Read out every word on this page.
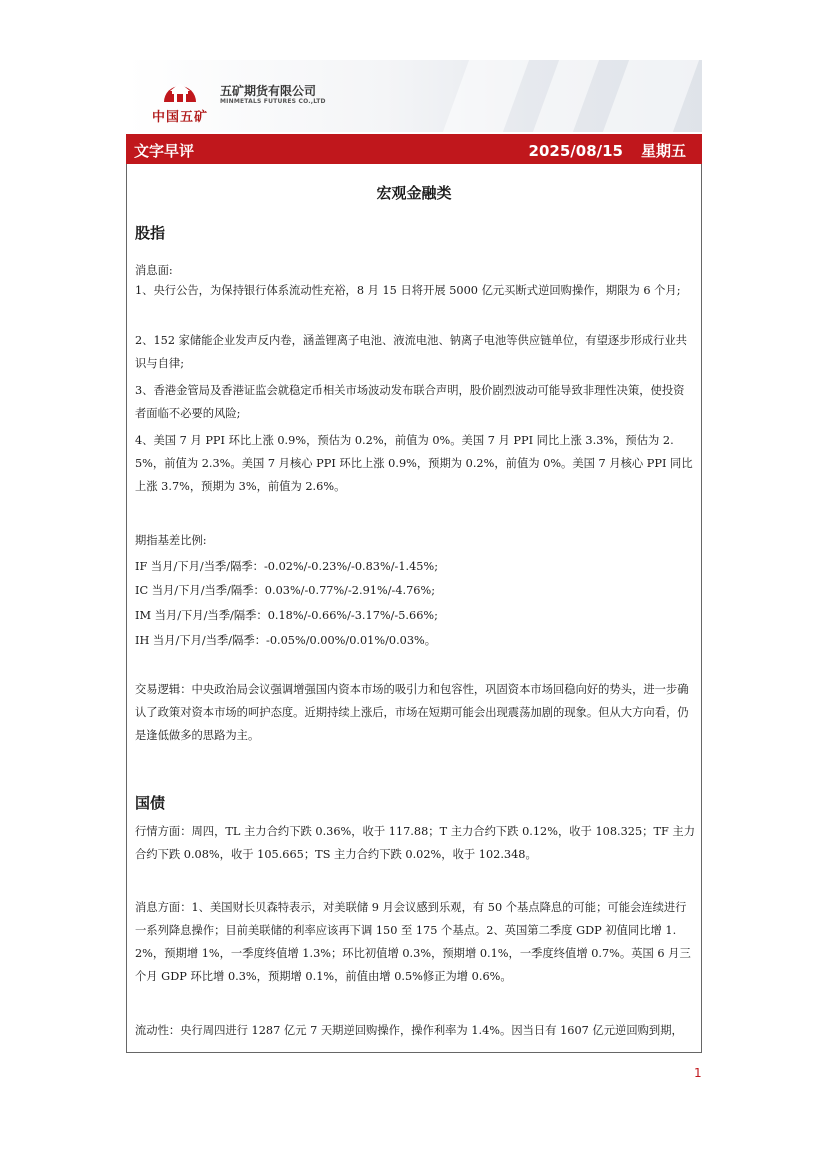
中国五矿
五矿期货有限公司
MINMETALS FUTURES CO.,LTD
文字早评	2025/08/15 星期五
宏观金融类
股指
消息面:
1、央行公告，为保持银行体系流动性充裕，8 月 15 日将开展 5000 亿元买断式逆回购操作，期限为 6 个月;
2、152 家储能企业发声反内卷，涵盖锂离子电池、液流电池、钠离子电池等供应链单位，有望逐步形成行业共识与自律;
3、香港金管局及香港证监会就稳定币相关市场波动发布联合声明，股价剧烈波动可能导致非理性决策，使投资者面临不必要的风险;
4、美国 7 月 PPI 环比上涨 0.9%，预估为 0.2%，前值为 0%。美国 7 月 PPI 同比上涨 3.3%，预估为 2.5%，前值为 2.3%。美国 7 月核心 PPI 环比上涨 0.9%，预期为 0.2%，前值为 0%。美国 7 月核心 PPI 同比上涨 3.7%，预期为 3%，前值为 2.6%。
期指基差比例:
IF 当月/下月/当季/隔季：-0.02%/-0.23%/-0.83%/-1.45%;
IC 当月/下月/当季/隔季：0.03%/-0.77%/-2.91%/-4.76%;
IM 当月/下月/当季/隔季：0.18%/-0.66%/-3.17%/-5.66%;
IH 当月/下月/当季/隔季：-0.05%/0.00%/0.01%/0.03%。
交易逻辑：中央政治局会议强调增强国内资本市场的吸引力和包容性，巩固资本市场回稳向好的势头，进一步确认了政策对资本市场的呵护态度。近期持续上涨后，市场在短期可能会出现震荡加剧的现象。但从大方向看，仍是逢低做多的思路为主。
国债
行情方面：周四，TL 主力合约下跌 0.36%，收于 117.88；T 主力合约下跌 0.12%，收于 108.325；TF 主力合约下跌 0.08%，收于 105.665；TS 主力合约下跌 0.02%，收于 102.348。
消息方面：1、美国财长贝森特表示，对美联储 9 月会议感到乐观，有 50 个基点降息的可能；可能会连续进行一系列降息操作；目前美联储的利率应该再下调 150 至 175 个基点。2、英国第二季度 GDP 初值同比增 1.2%，预期增 1%，一季度终值增 1.3%；环比初值增 0.3%，预期增 0.1%，一季度终值增 0.7%。英国 6 月三个月 GDP 环比增 0.3%，预期增 0.1%，前值由增 0.5%修正为增 0.6%。
流动性：央行周四进行 1287 亿元 7 天期逆回购操作，操作利率为 1.4%。因当日有 1607 亿元逆回购到期，
1
